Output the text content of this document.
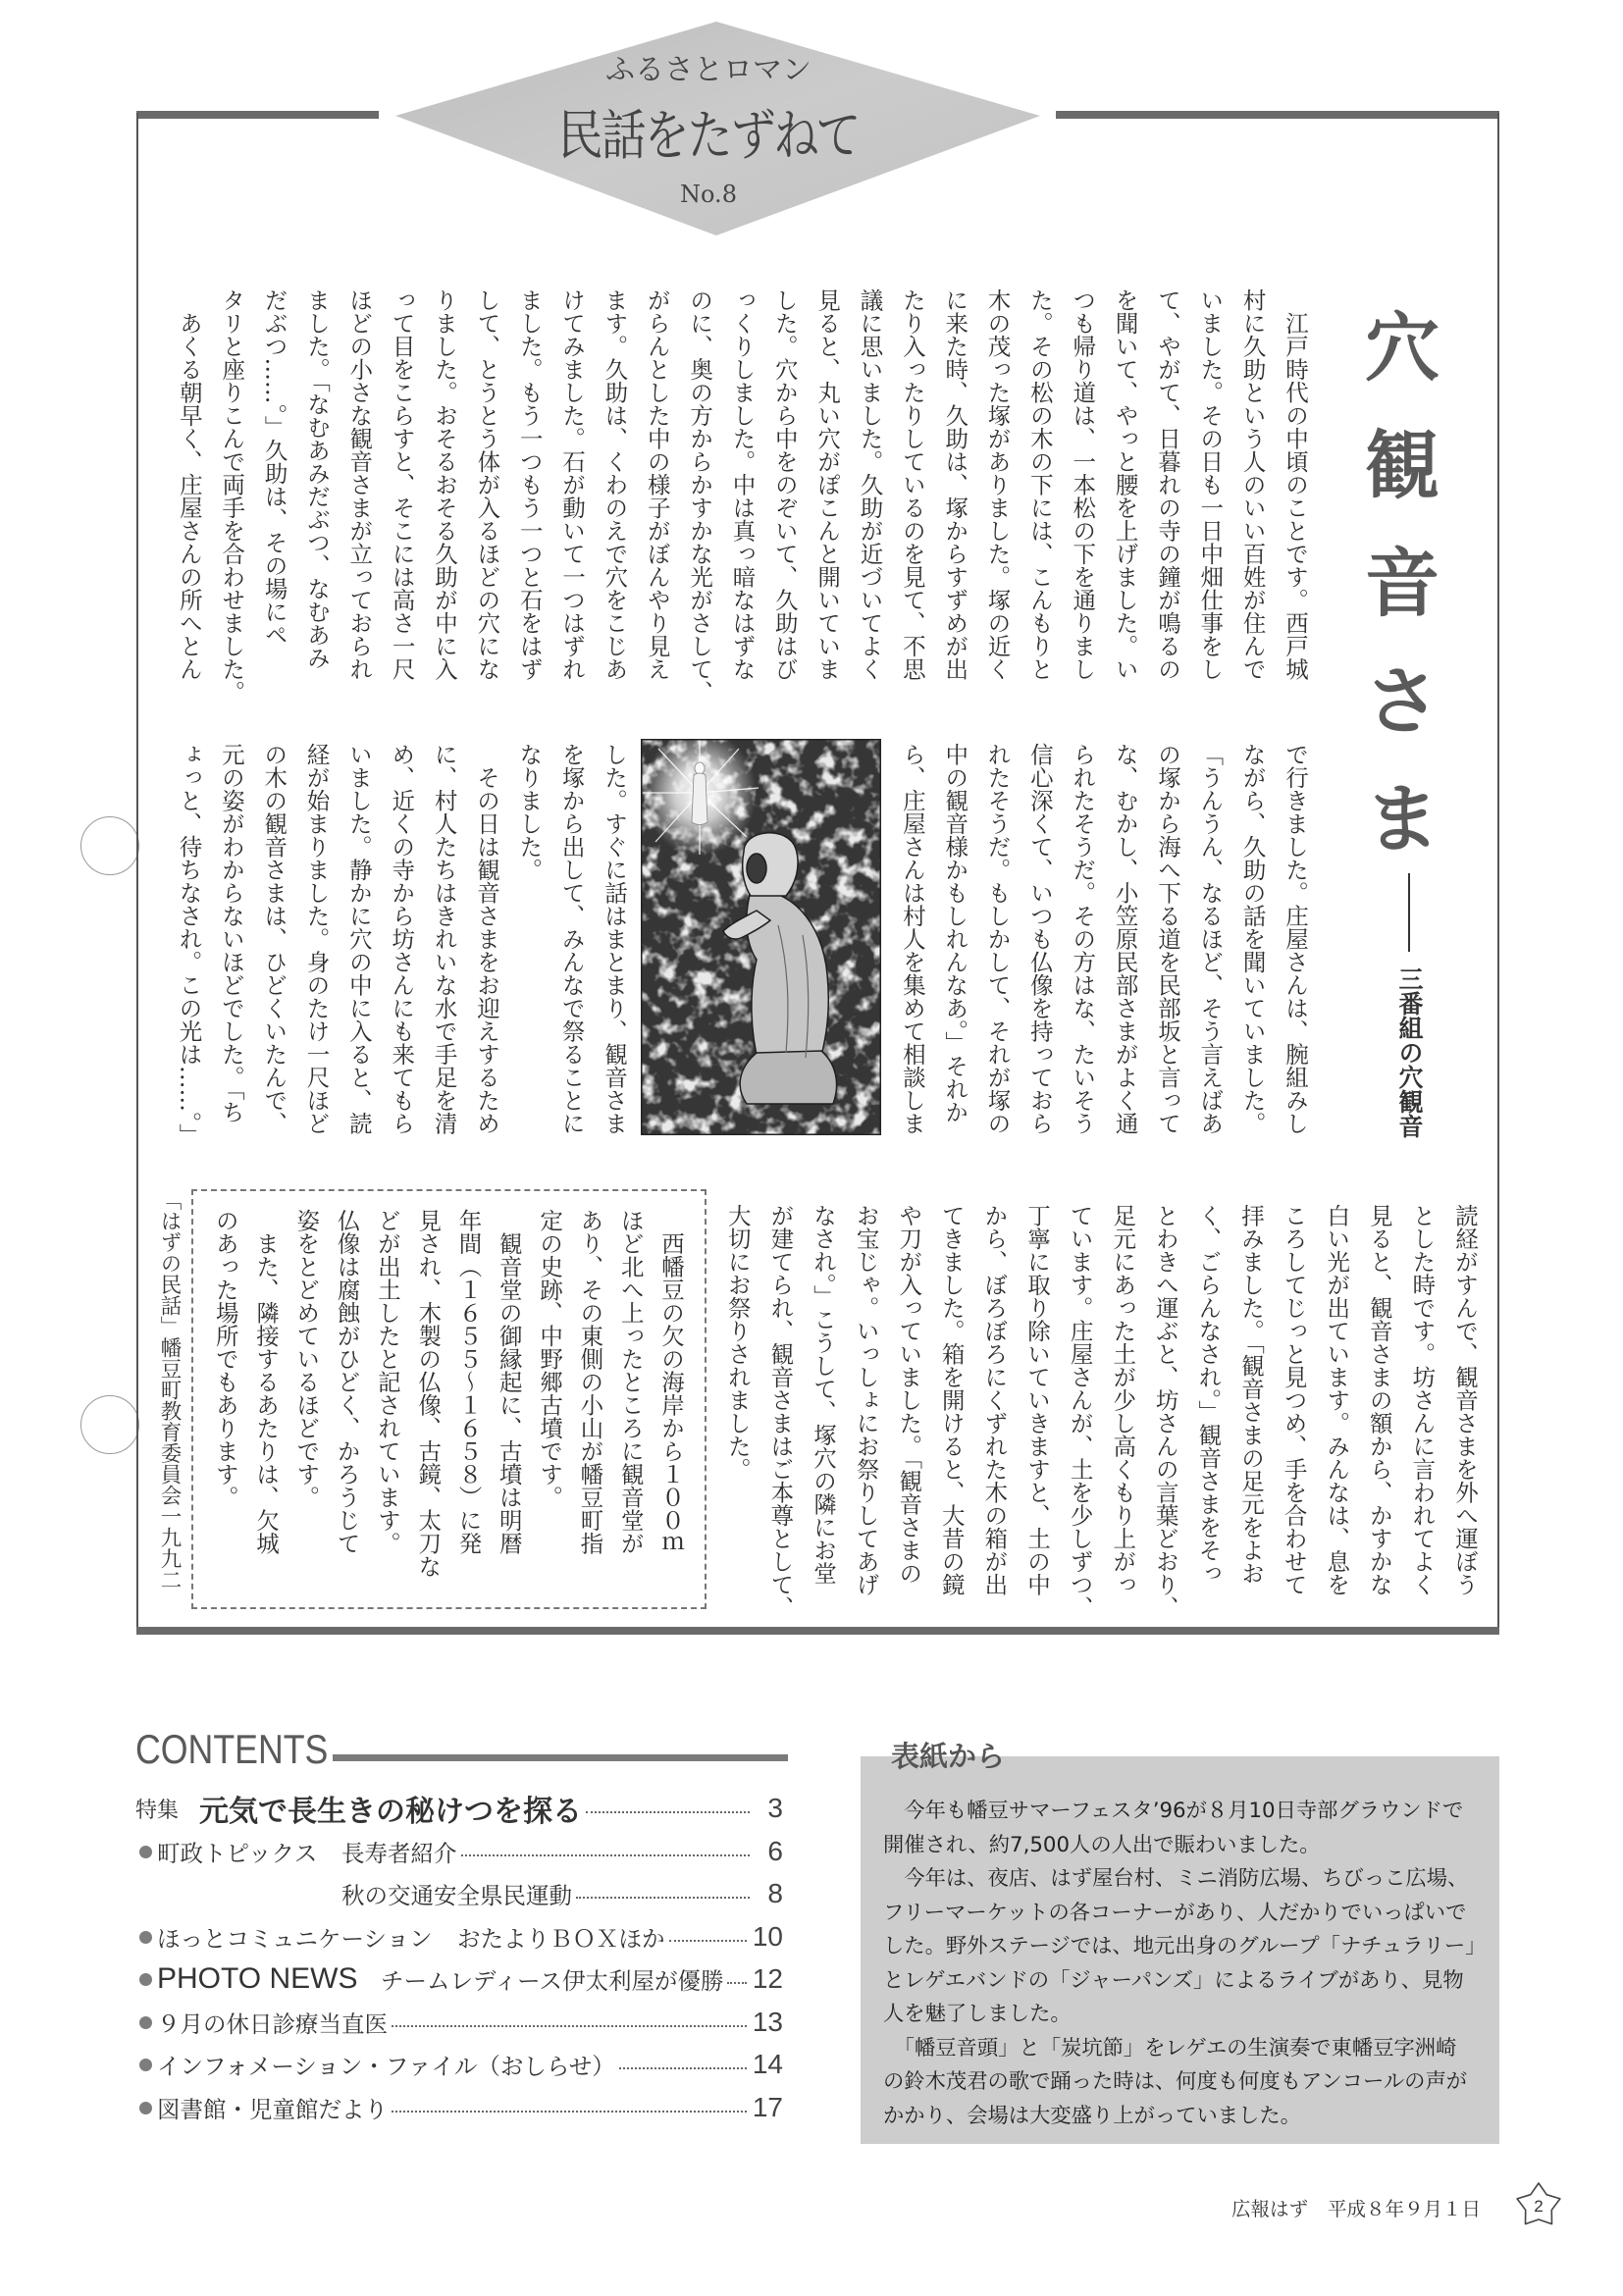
ふるさとロマン
民話をたずねて
No.8
穴
観
音
さ
ま
三番組の穴観音
　江戸時代の中頃のことです。西戸城
村に久助という人のいい百姓が住んで
いました。その日も一日中畑仕事をし
て、やがて、日暮れの寺の鐘が鳴るの
を聞いて、やっと腰を上げました。い
つも帰り道は、一本松の下を通りまし
た。その松の木の下には、こんもりと
木の茂った塚がありました。塚の近く
に来た時、久助は、塚からすずめが出
たり入ったりしているのを見て、不思
議に思いました。久助が近づいてよく
見ると、丸い穴がぽこんと開いていま
した。穴から中をのぞいて、久助はび
っくりしました。中は真っ暗なはずな
のに、奥の方からかすかな光がさして、
がらんとした中の様子がぼんやり見え
ます。久助は、くわのえで穴をこじあ
けてみました。石が動いて一つはずれ
ました。もう一つもう一つと石をはず
して、とうとう体が入るほどの穴にな
りました。おそるおそる久助が中に入
って目をこらすと、そこには高さ一尺
ほどの小さな観音さまが立っておられ
ました。「なむあみだぶつ、なむあみ
だぶつ……。」久助は、その場にペ
タリと座りこんで両手を合わせました。
　あくる朝早く、庄屋さんの所へとん
で行きました。庄屋さんは、腕組みし
ながら、久助の話を聞いていました。
「うんうん、なるほど、そう言えばあ
の塚から海へ下る道を民部坂と言って
な、むかし、小笠原民部さまがよく通
られたそうだ。その方はな、たいそう
信心深くて、いつも仏像を持っておら
れたそうだ。もしかして、それが塚の
中の観音様かもしれんなあ。」それか
ら、庄屋さんは村人を集めて相談しま
した。すぐに話はまとまり、観音さま
を塚から出して、みんなで祭ることに
なりました。
　その日は観音さまをお迎えするため
に、村人たちはきれいな水で手足を清
め、近くの寺から坊さんにも来てもら
いました。静かに穴の中に入ると、読
経が始まりました。身のたけ一尺ほど
の木の観音さまは、ひどくいたんで、
元の姿がわからないほどでした。「ち
ょっと、待ちなされ。この光は……。」
読経がすんで、観音さまを外へ運ぼう
とした時です。坊さんに言われてよく
見ると、観音さまの額から、かすかな
白い光が出ています。みんなは、息を
ころしてじっと見つめ、手を合わせて
拝みました。「観音さまの足元をよお
く、ごらんなされ。」観音さまをそっ
とわきへ運ぶと、坊さんの言葉どおり、
足元にあった土が少し高くもり上がっ
ています。庄屋さんが、土を少しずつ、
丁寧に取り除いていきますと、土の中
から、ぼろぼろにくずれた木の箱が出
てきました。箱を開けると、大昔の鏡
や刀が入っていました。「観音さまの
お宝じゃ。いっしょにお祭りしてあげ
なされ。」こうして、塚穴の隣にお堂
が建てられ、観音さまはご本尊として、
大切にお祭りされました。
　西幡豆の欠の海岸から１００ｍ
ほど北へ上ったところに観音堂が
あり、その東側の小山が幡豆町指
定の史跡、中野郷古墳です。
　観音堂の御縁起に、古墳は明暦
年間（１６５５～１６５８）に発
見され、木製の仏像、古鏡、太刀な
どが出土したと記されています。
仏像は腐蝕がひどく、かろうじて
姿をとどめているほどです。
　また、隣接するあたりは、欠城
のあった場所でもあります。
「はずの民話」幡豆町教育委員会一九九二
CONTENTS
特集 元気で長生きの秘けつを探る	3
町政トピックス 長寿者紹介	6
秋の交通安全県民運動	8
ほっとコミュニケーション おたよりＢＯＸほか	10
PHOTO NEWS チームレディース伊太利屋が優勝 12
９月の休日診療当直医	13
インフォメーション・ファイル（おしらせ）	14
図書館・児童館だより	17
　今年も幡豆サマーフェスタ’96が８月10日寺部グラウンドで
開催され、約7,500人の人出で賑わいました。
　今年は、夜店、はず屋台村、ミニ消防広場、ちびっこ広場、
フリーマーケットの各コーナーがあり、人だかりでいっぱいで
した。野外ステージでは、地元出身のグループ「ナチュラリー」
とレゲエバンドの「ジャーパンズ」によるライブがあり、見物
人を魅了しました。
　「幡豆音頭」と「炭坑節」をレゲエの生演奏で東幡豆字洲崎
の鈴木茂君の歌で踊った時は、何度も何度もアンコールの声が
かかり、会場は大変盛り上がっていました。
表紙から
広報はず 平成８年９月１日	2
